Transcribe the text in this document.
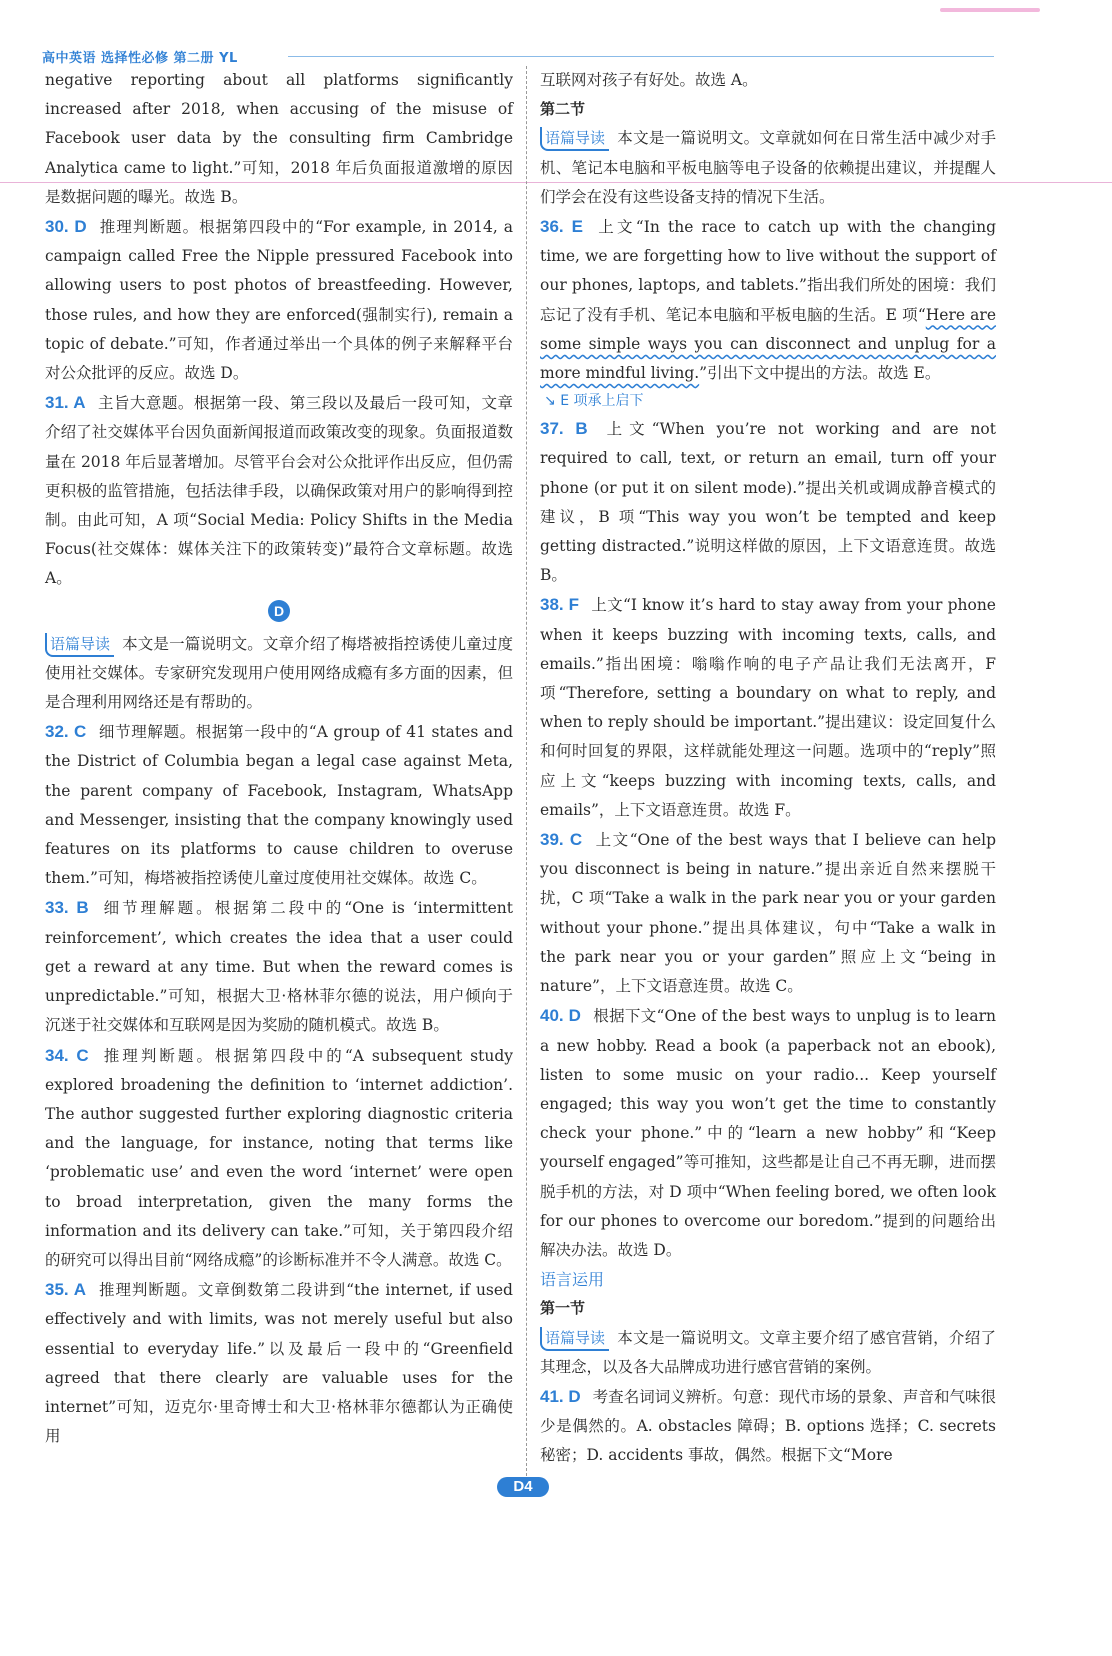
高中英语 选择性必修 第二册 YL

negative reporting about all platforms significantly increased after 2018, when accusing of the misuse of Facebook user data by the consulting firm Cambridge Analytica came to light.”可知，2018 年后负面报道激增的原因是数据问题的曝光。故选 B。

30. D 推理判断题。根据第四段中的“For example, in 2014, a campaign called Free the Nipple pressured Facebook into allowing users to post photos of breastfeeding. However, those rules, and how they are enforced(强制实行), remain a topic of debate.”可知，作者通过举出一个具体的例子来解释平台对公众批评的反应。故选 D。

31. A 主旨大意题。根据第一段、第三段以及最后一段可知，文章介绍了社交媒体平台因负面新闻报道而政策改变的现象。负面报道数量在 2018 年后显著增加。尽管平台会对公众批评作出反应，但仍需更积极的监管措施，包括法律手段，以确保政策对用户的影响得到控制。由此可知，A 项“Social Media: Policy Shifts in the Media Focus(社交媒体：媒体关注下的政策转变)”最符合文章标题。故选 A。

D

语篇导读 本文是一篇说明文。文章介绍了梅塔被指控诱使儿童过度使用社交媒体。专家研究发现用户使用网络成瘾有多方面的因素，但是合理利用网络还是有帮助的。

32. C 细节理解题。根据第一段中的“A group of 41 states and the District of Columbia began a legal case against Meta, the parent company of Facebook, Instagram, WhatsApp and Messenger, insisting that the company knowingly used features on its platforms to cause children to overuse them.”可知，梅塔被指控诱使儿童过度使用社交媒体。故选 C。

33. B 细节理解题。根据第二段中的“One is ‘intermittent reinforcement’, which creates the idea that a user could get a reward at any time. But when the reward comes is unpredictable.”可知，根据大卫·格林菲尔德的说法，用户倾向于沉迷于社交媒体和互联网是因为奖励的随机模式。故选 B。

34. C 推理判断题。根据第四段中的“A subsequent study explored broadening the definition to ‘internet addiction’. The author suggested further exploring diagnostic criteria and the language, for instance, noting that terms like ‘problematic use’ and even the word ‘internet’ were open to broad interpretation, given the many forms the information and its delivery can take.”可知，关于第四段介绍的研究可以得出目前“网络成瘾”的诊断标准并不令人满意。故选 C。

35. A 推理判断题。文章倒数第二段讲到“the internet, if used effectively and with limits, was not merely useful but also essential to everyday life.”以及最后一段中的“Greenfield agreed that there clearly are valuable uses for the internet”可知，迈克尔·里奇博士和大卫·格林菲尔德都认为正确使用

互联网对孩子有好处。故选 A。

第二节

语篇导读 本文是一篇说明文。文章就如何在日常生活中减少对手机、笔记本电脑和平板电脑等电子设备的依赖提出建议，并提醒人们学会在没有这些设备支持的情况下生活。

36. E 上文“In the race to catch up with the changing time, we are forgetting how to live without the support of our phones, laptops, and tablets.”指出我们所处的困境：我们忘记了没有手机、笔记本电脑和平板电脑的生活。E 项“Here are some simple ways you can disconnect and unplug for a more mindful living.”引出下文中提出的方法。故选 E。

↘ E 项承上启下

37. B 上文“When you’re not working and are not required to call, text, or return an email, turn off your phone (or put it on silent mode).”提出关机或调成静音模式的建议，B 项“This way you won’t be tempted and keep getting distracted.”说明这样做的原因，上下文语意连贯。故选 B。

38. F 上文“I know it’s hard to stay away from your phone when it keeps buzzing with incoming texts, calls, and emails.”指出困境：嗡嗡作响的电子产品让我们无法离开，F 项“Therefore, setting a boundary on what to reply, and when to reply should be important.”提出建议：设定回复什么和何时回复的界限，这样就能处理这一问题。选项中的“reply”照应上文“keeps buzzing with incoming texts, calls, and emails”，上下文语意连贯。故选 F。

39. C 上文“One of the best ways that I believe can help you disconnect is being in nature.”提出亲近自然来摆脱干扰，C 项“Take a walk in the park near you or your garden without your phone.”提出具体建议，句中“Take a walk in the park near you or your garden”照应上文“being in nature”，上下文语意连贯。故选 C。

40. D 根据下文“One of the best ways to unplug is to learn a new hobby. Read a book (a paperback not an ebook), listen to some music on your radio... Keep yourself engaged; this way you won’t get the time to constantly check your phone.”中的“learn a new hobby”和“Keep yourself engaged”等可推知，这些都是让自己不再无聊，进而摆脱手机的方法，对 D 项中“When feeling bored, we often look for our phones to overcome our boredom.”提到的问题给出解决办法。故选 D。

语言运用

第一节

语篇导读 本文是一篇说明文。文章主要介绍了感官营销，介绍了其理念，以及各大品牌成功进行感官营销的案例。

41. D 考查名词词义辨析。句意：现代市场的景象、声音和气味很少是偶然的。A. obstacles 障碍；B. options 选择；C. secrets 秘密；D. accidents 事故，偶然。根据下文“More

D4
